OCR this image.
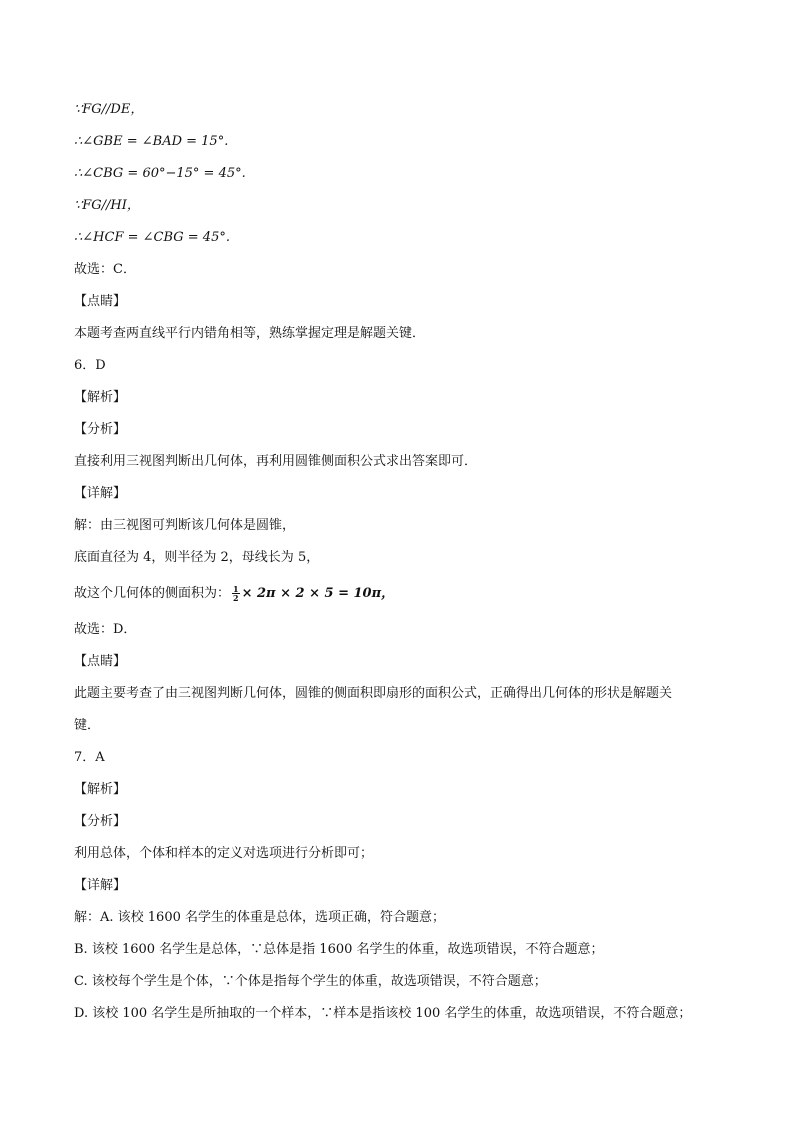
∵FG//DE，
∴∠GBE = ∠BAD = 15°.
∴∠CBG = 60°−15° = 45°.
∵FG//HI，
∴∠HCF = ∠CBG = 45°.
故选：C．
【点睛】
本题考查两直线平行内错角相等，熟练掌握定理是解题关键．
6．D
【解析】
【分析】
直接利用三视图判断出几何体，再利用圆锥侧面积公式求出答案即可．
【详解】
解：由三视图可判断该几何体是圆锥，
底面直径为 4，则半径为 2，母线长为 5，
故这个几何体的侧面积为： $\frac{1}{2} \times 2\pi \times 2 \times 5 = 10\pi$，
故选：D．
【点睛】
此题主要考查了由三视图判断几何体，圆锥的侧面积即扇形的面积公式，正确得出几何体的形状是解题关
键．
7．A
【解析】
【分析】
利用总体，个体和样本的定义对选项进行分析即可；
【详解】
解：A. 该校 1600 名学生的体重是总体，选项正确，符合题意；
B. 该校 1600 名学生是总体，∵总体是指 1600 名学生的体重，故选项错误，不符合题意；
C. 该校每个学生是个体，∵个体是指每个学生的体重，故选项错误，不符合题意；
D. 该校 100 名学生是所抽取的一个样本，∵样本是指该校 100 名学生的体重，故选项错误，不符合题意；
